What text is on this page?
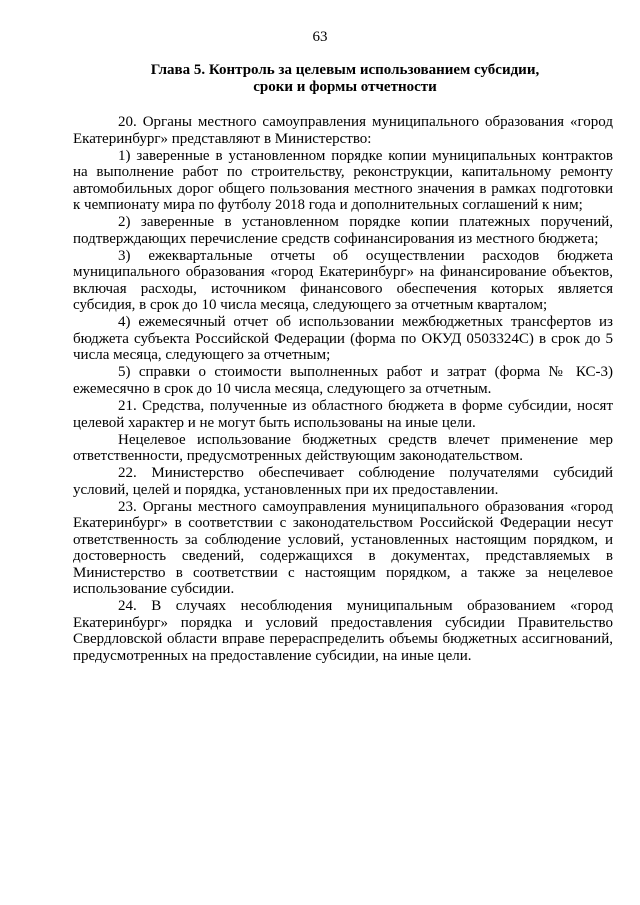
63
Глава 5. Контроль за целевым использованием субсидии,
сроки и формы отчетности

20. Органы местного самоуправления муниципального образования «город Екатеринбург» представляют в Министерство:

1) заверенные в установленном порядке копии муниципальных контрактов на выполнение работ по строительству, реконструкции, капитальному ремонту автомобильных дорог общего пользования местного значения в рамках подготовки к чемпионату мира по футболу 2018 года и дополнительных соглашений к ним;

2) заверенные в установленном порядке копии платежных поручений, подтверждающих перечисление средств софинансирования из местного бюджета;

3) ежеквартальные отчеты об осуществлении расходов бюджета муниципального образования «город Екатеринбург» на финансирование объектов, включая расходы, источником финансового обеспечения которых является субсидия, в срок до 10 числа месяца, следующего за отчетным кварталом;

4) ежемесячный отчет об использовании межбюджетных трансфертов из бюджета субъекта Российской Федерации (форма по ОКУД 0503324С) в срок до 5 числа месяца, следующего за отчетным;

5) справки о стоимости выполненных работ и затрат (форма № КС-3) ежемесячно в срок до 10 числа месяца, следующего за отчетным.

21. Средства, полученные из областного бюджета в форме субсидии, носят целевой характер и не могут быть использованы на иные цели.

Нецелевое использование бюджетных средств влечет применение мер ответственности, предусмотренных действующим законодательством.

22. Министерство обеспечивает соблюдение получателями субсидий условий, целей и порядка, установленных при их предоставлении.

23. Органы местного самоуправления муниципального образования «город Екатеринбург» в соответствии с законодательством Российской Федерации несут ответственность за соблюдение условий, установленных настоящим порядком, и достоверность сведений, содержащихся в документах, представляемых в Министерство в соответствии с настоящим порядком, а также за нецелевое использование субсидии.

24. В случаях несоблюдения муниципальным образованием «город Екатеринбург» порядка и условий предоставления субсидии Правительство Свердловской области вправе перераспределить объемы бюджетных ассигнований, предусмотренных на предоставление субсидии, на иные цели.
